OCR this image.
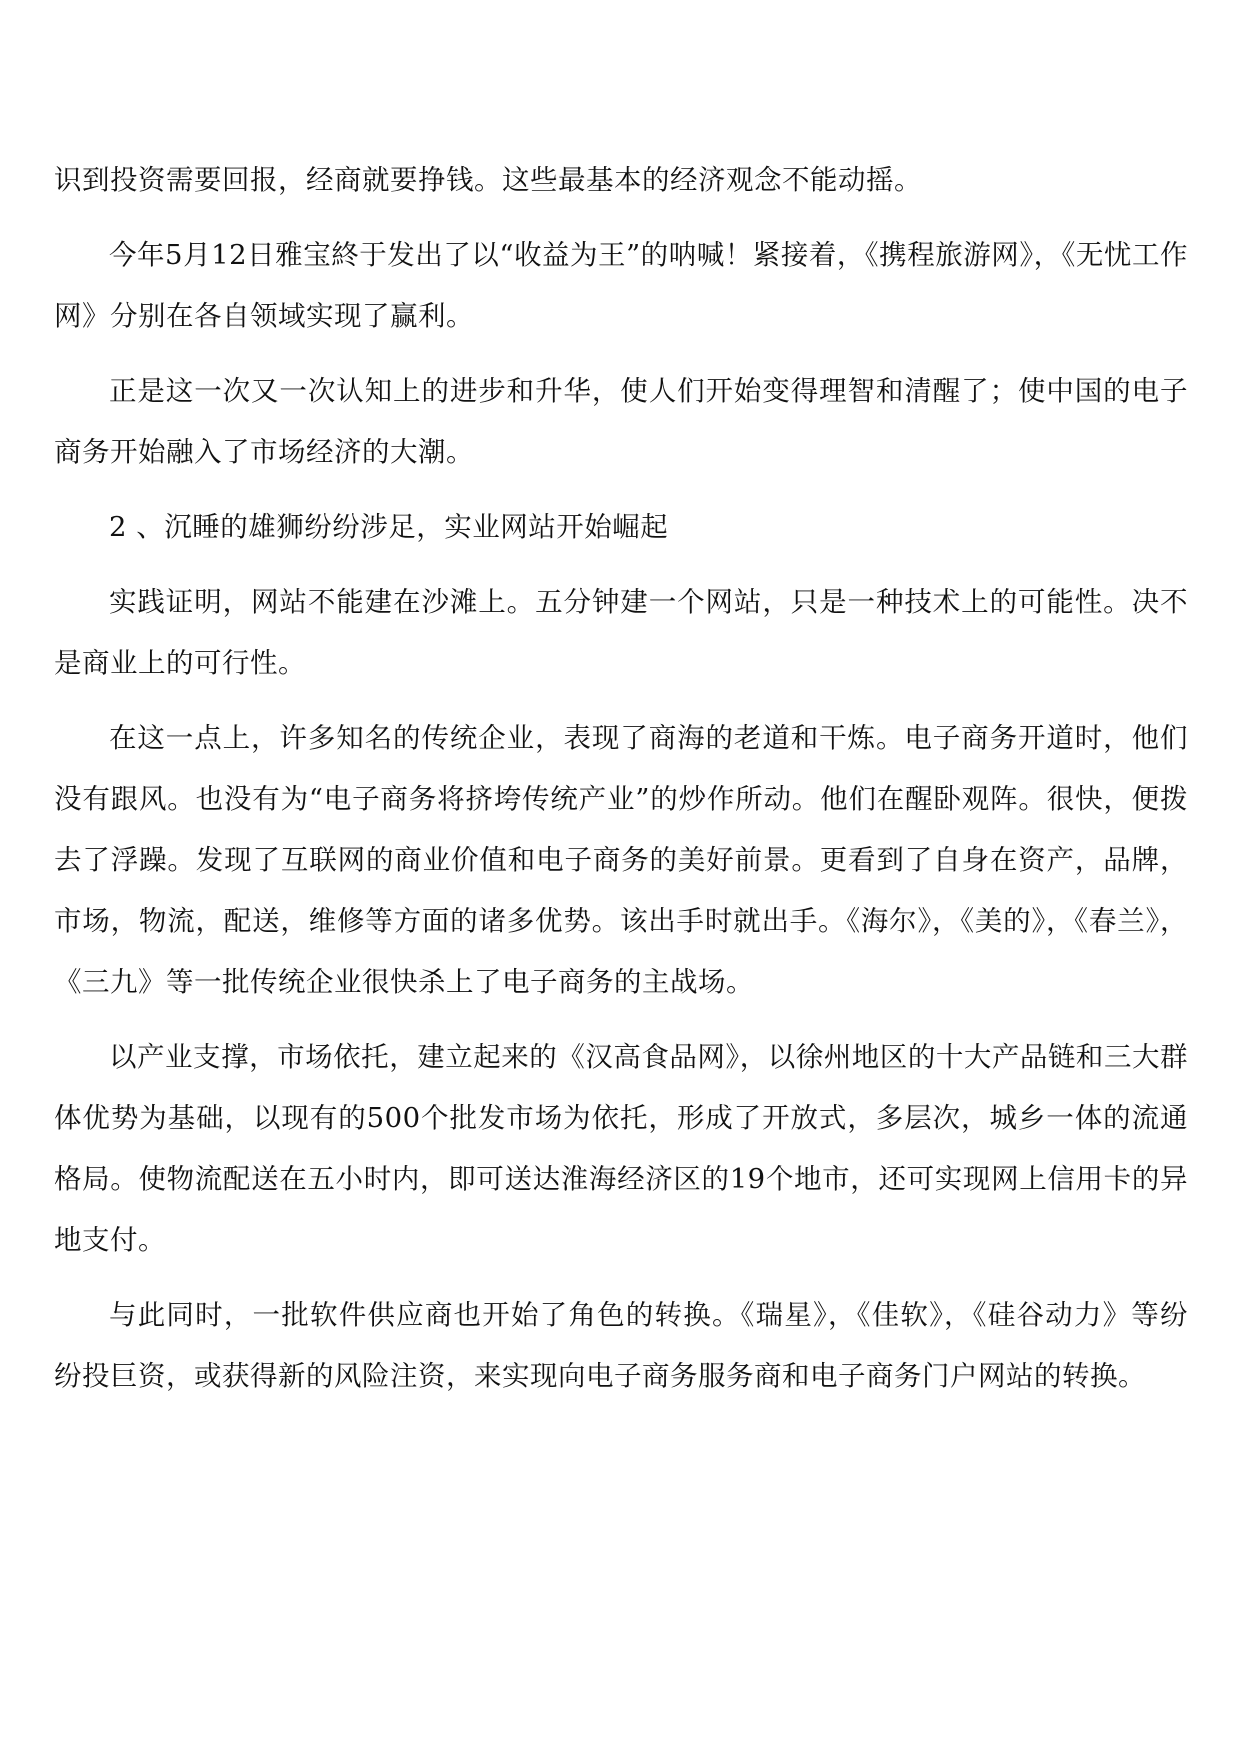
识到投资需要回报，经商就要挣钱。这些最基本的经济观念不能动摇。

今年5月12日雅宝終于发出了以“收益为王”的呐喊！紧接着，《携程旅游网》，《无忧工作网》分别在各自领域实现了赢利。

正是这一次又一次认知上的进步和升华，使人们开始变得理智和清醒了；使中国的电子商务开始融入了市场经济的大潮。

2 、沉睡的雄狮纷纷涉足，实业网站开始崛起

实践证明，网站不能建在沙滩上。五分钟建一个网站，只是一种技术上的可能性。决不是商业上的可行性。

在这一点上，许多知名的传统企业，表现了商海的老道和干炼。电子商务开道时，他们没有跟风。也没有为“电子商务将挤垮传统产业”的炒作所动。他们在醒卧观阵。很快，便拨去了浮躁。发现了互联网的商业价值和电子商务的美好前景。更看到了自身在资产，品牌，市场，物流，配送，维修等方面的诸多优势。该出手时就出手。《海尔》，《美的》，《春兰》，《三九》等一批传统企业很快杀上了电子商务的主战场。

以产业支撑，市场依托，建立起来的《汉高食品网》，以徐州地区的十大产品链和三大群体优势为基础，以现有的500个批发市场为依托，形成了开放式，多层次，城乡一体的流通格局。使物流配送在五小时内，即可送达淮海经济区的19个地市，还可实现网上信用卡的异地支付。

与此同时，一批软件供应商也开始了角色的转换。《瑞星》，《佳软》，《硅谷动力》等纷纷投巨资，或获得新的风险注资，来实现向电子商务服务商和电子商务门户网站的转换。
